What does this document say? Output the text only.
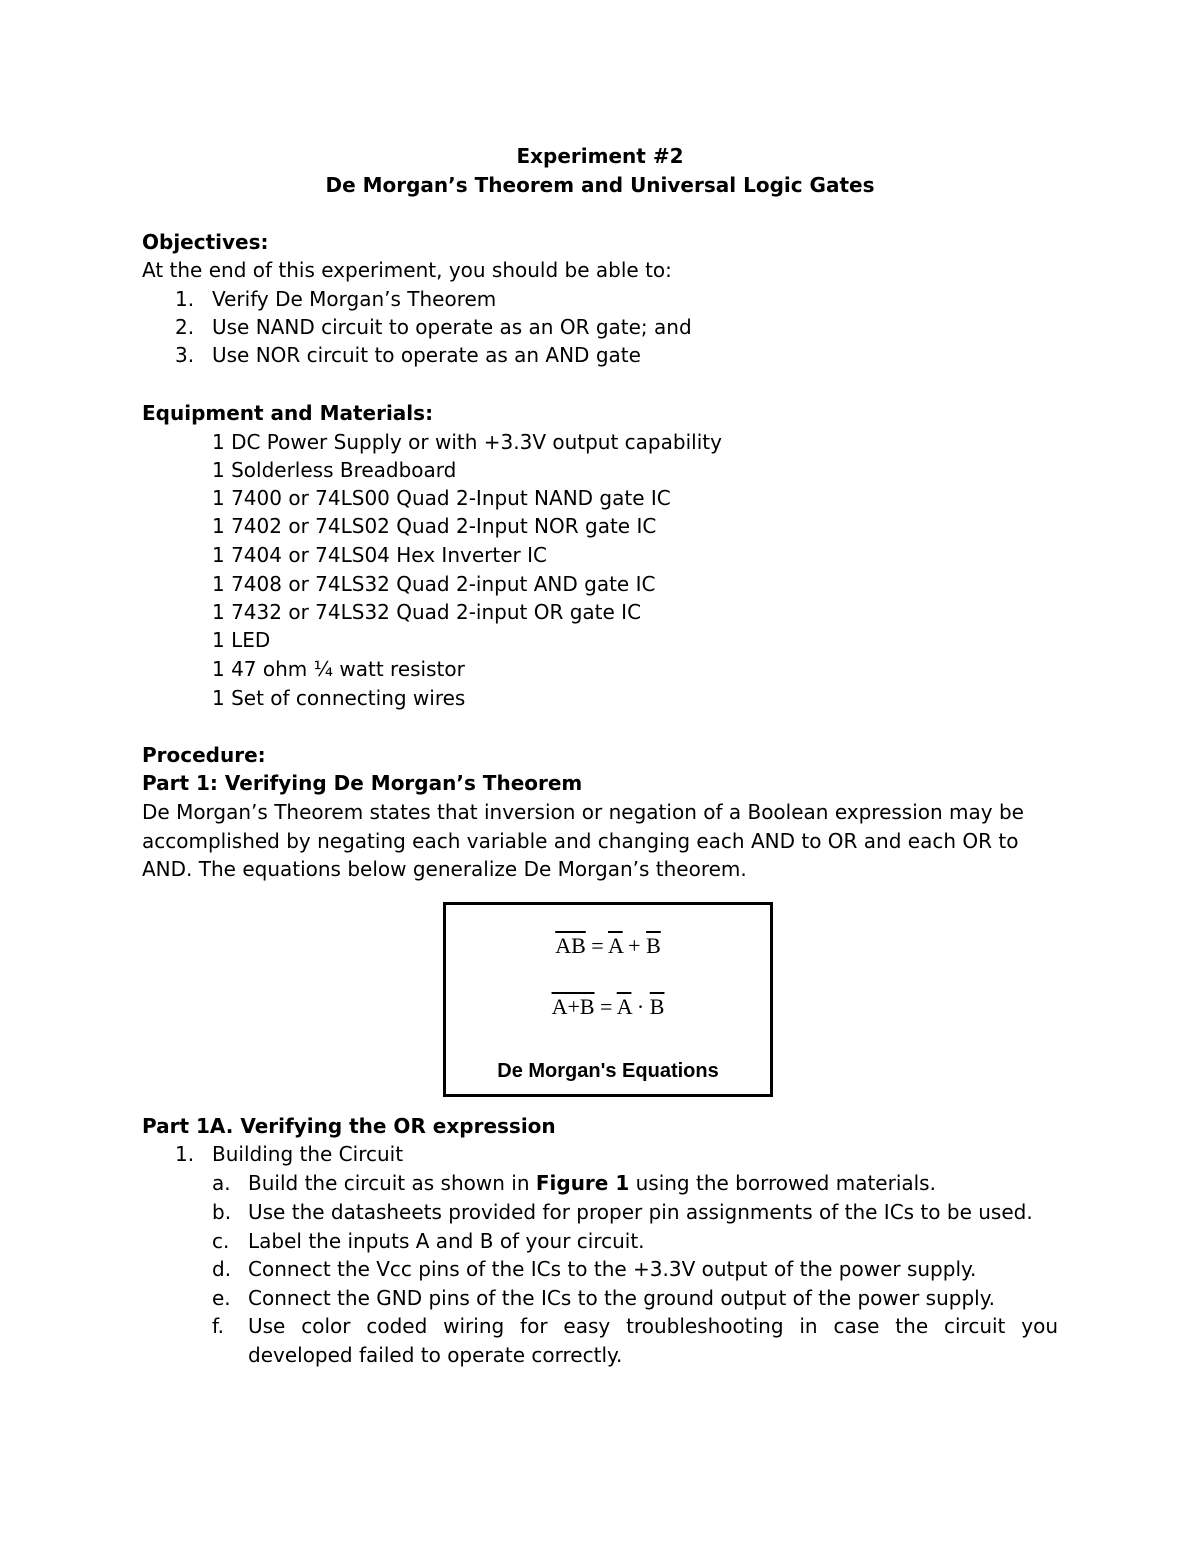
Experiment #2
De Morgan’s Theorem and Universal Logic Gates
Objectives:
At the end of this experiment, you should be able to:
1. Verify De Morgan’s Theorem
2. Use NAND circuit to operate as an OR gate; and
3. Use NOR circuit to operate as an AND gate
Equipment and Materials:
1 DC Power Supply or with +3.3V output capability
1 Solderless Breadboard
1 7400 or 74LS00 Quad 2-Input NAND gate IC
1 7402 or 74LS02 Quad 2-Input NOR gate IC
1 7404 or 74LS04 Hex Inverter IC
1 7408 or 74LS32 Quad 2-input AND gate IC
1 7432 or 74LS32 Quad 2-input OR gate IC
1 LED
1 47 ohm ¼ watt resistor
1 Set of connecting wires
Procedure:
Part 1: Verifying De Morgan’s Theorem
De Morgan’s Theorem states that inversion or negation of a Boolean expression may be accomplished by negating each variable and changing each AND to OR and each OR to AND. The equations below generalize De Morgan’s theorem.
$\overline{AB} = \overline{A} + \overline{B}$
$A+B = \overline{A} \cdot \overline{B}$
De Morgan's Equations
Part 1A. Verifying the OR expression
1. Building the Circuit
a. Build the circuit as shown in Figure 1 using the borrowed materials.
b. Use the datasheets provided for proper pin assignments of the ICs to be used.
c. Label the inputs A and B of your circuit.
d. Connect the Vcc pins of the ICs to the +3.3V output of the power supply.
e. Connect the GND pins of the ICs to the ground output of the power supply.
f. Use color coded wiring for easy troubleshooting in case the circuit you
developed failed to operate correctly.
